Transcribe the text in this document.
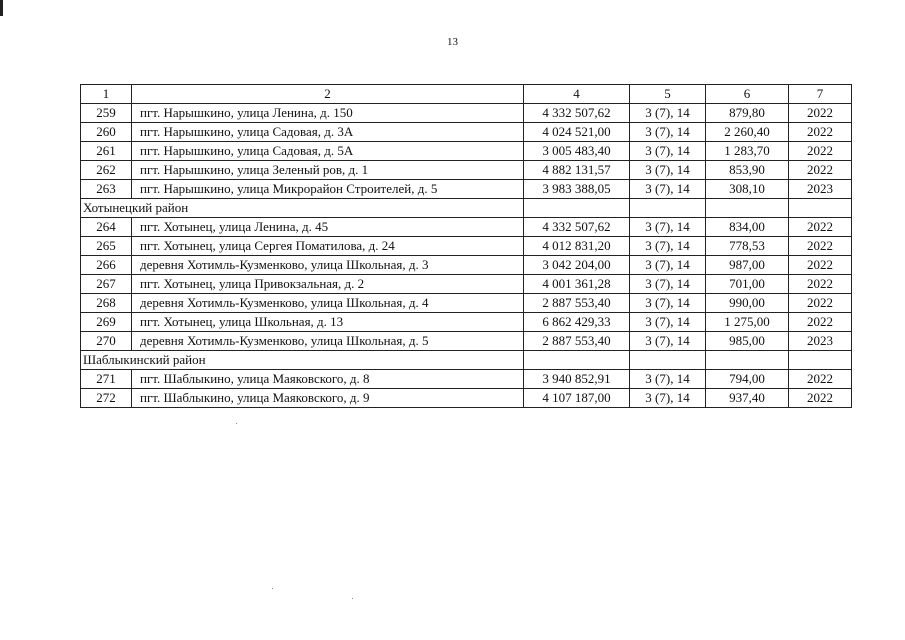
13
1	2	4	5	6	7
259	пгт. Нарышкино, улица Ленина, д. 150	4 332 507,62	3 (7), 14	879,80	2022
260	пгт. Нарышкино, улица Садовая, д. 3А	4 024 521,00	3 (7), 14	2 260,40	2022
261	пгт. Нарышкино, улица Садовая, д. 5А	3 005 483,40	3 (7), 14	1 283,70	2022
262	пгт. Нарышкино, улица Зеленый ров, д. 1	4 882 131,57	3 (7), 14	853,90	2022
263	пгт. Нарышкино, улица Микрорайон Строителей, д. 5	3 983 388,05	3 (7), 14	308,10	2023
Хотынецкий район					
264	пгт. Хотынец, улица Ленина, д. 45	4 332 507,62	3 (7), 14	834,00	2022
265	пгт. Хотынец, улица Сергея Поматилова, д. 24	4 012 831,20	3 (7), 14	778,53	2022
266	деревня Хотимль-Кузменково, улица Школьная, д. 3	3 042 204,00	3 (7), 14	987,00	2022
267	пгт. Хотынец, улица Привокзальная, д. 2	4 001 361,28	3 (7), 14	701,00	2022
268	деревня Хотимль-Кузменково, улица Школьная, д. 4	2 887 553,40	3 (7), 14	990,00	2022
269	пгт. Хотынец, улица Школьная, д. 13	6 862 429,33	3 (7), 14	1 275,00	2022
270	деревня Хотимль-Кузменково, улица Школьная, д. 5	2 887 553,40	3 (7), 14	985,00	2023
Шаблыкинский район					
271	пгт. Шаблыкино, улица Маяковского, д. 8	3 940 852,91	3 (7), 14	794,00	2022
272	пгт. Шаблыкино, улица Маяковского, д. 9	4 107 187,00	3 (7), 14	937,40	2022
